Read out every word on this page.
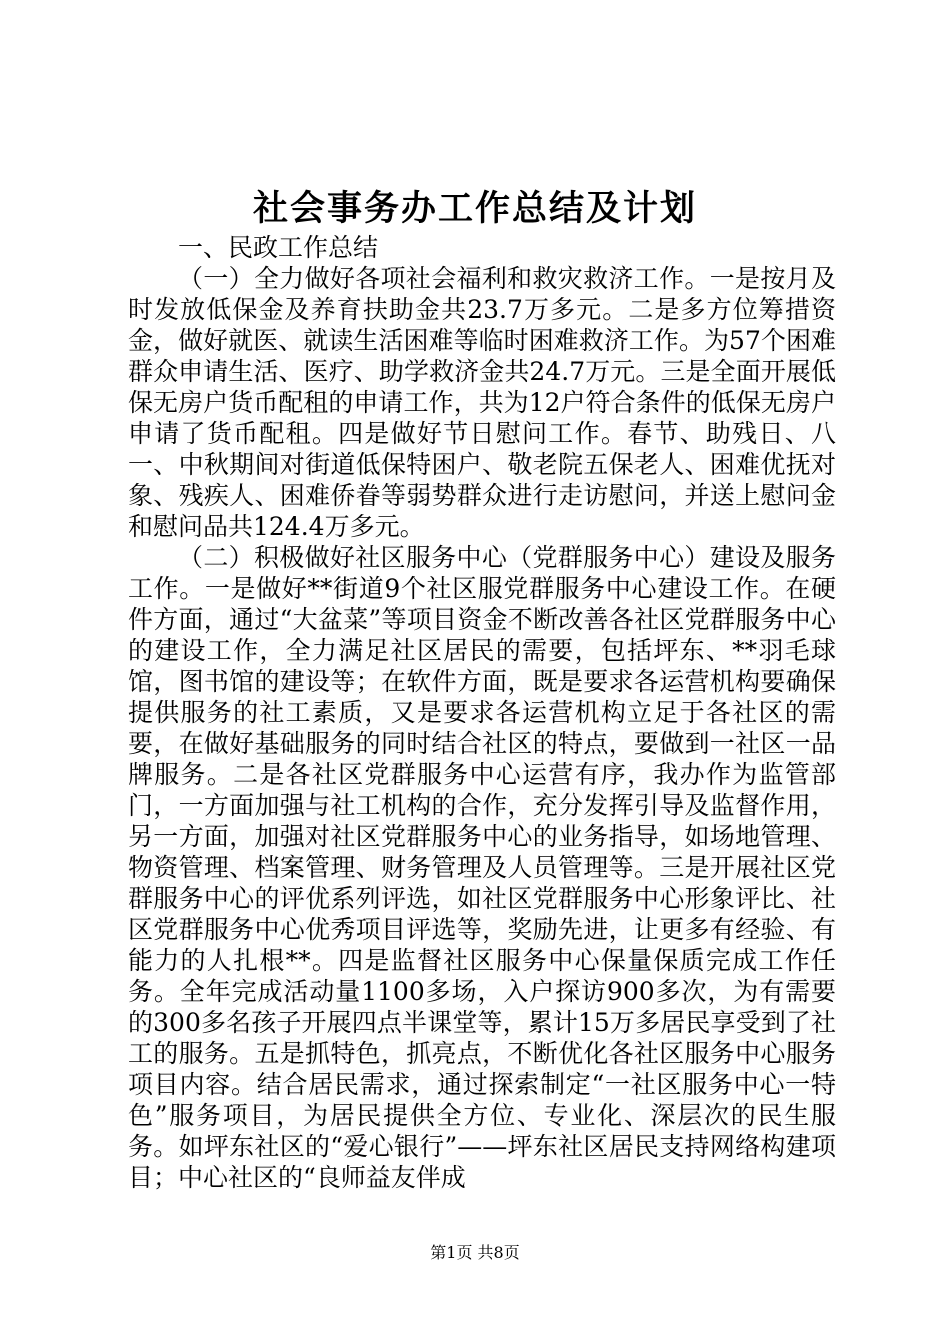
社会事务办工作总结及计划

一、民政工作总结

（一）全力做好各项社会福利和救灾救济工作。一是按月及时发放低保金及养育扶助金共23.7万多元。二是多方位筹措资金，做好就医、就读生活困难等临时困难救济工作。为57个困难群众申请生活、医疗、助学救济金共24.7万元。三是全面开展低保无房户货币配租的申请工作，共为12户符合条件的低保无房户申请了货币配租。四是做好节日慰问工作。春节、助残日、八一、中秋期间对街道低保特困户、敬老院五保老人、困难优抚对象、残疾人、困难侨眷等弱势群众进行走访慰问，并送上慰问金和慰问品共124.4万多元。

（二）积极做好社区服务中心（党群服务中心）建设及服务工作。一是做好**街道9个社区服党群服务中心建设工作。在硬件方面，通过“大盆菜”等项目资金不断改善各社区党群服务中心的建设工作，全力满足社区居民的需要，包括坪东、**羽毛球馆，图书馆的建设等；在软件方面，既是要求各运营机构要确保提供服务的社工素质，又是要求各运营机构立足于各社区的需要，在做好基础服务的同时结合社区的特点，要做到一社区一品牌服务。二是各社区党群服务中心运营有序，我办作为监管部门，一方面加强与社工机构的合作，充分发挥引导及监督作用，另一方面，加强对社区党群服务中心的业务指导，如场地管理、物资管理、档案管理、财务管理及人员管理等。三是开展社区党群服务中心的评优系列评选，如社区党群服务中心形象评比、社区党群服务中心优秀项目评选等，奖励先进，让更多有经验、有能力的人扎根**。四是监督社区服务中心保量保质完成工作任务。全年完成活动量1100多场，入户探访900多次，为有需要的300多名孩子开展四点半课堂等，累计15万多居民享受到了社工的服务。五是抓特色，抓亮点，不断优化各社区服务中心服务项目内容。结合居民需求，通过探索制定“一社区服务中心一特色”服务项目，为居民提供全方位、专业化、深层次的民生服务。如坪东社区的“爱心银行”——坪东社区居民支持网络构建项目；中心社区的“良师益友伴成

第1页 共8页
